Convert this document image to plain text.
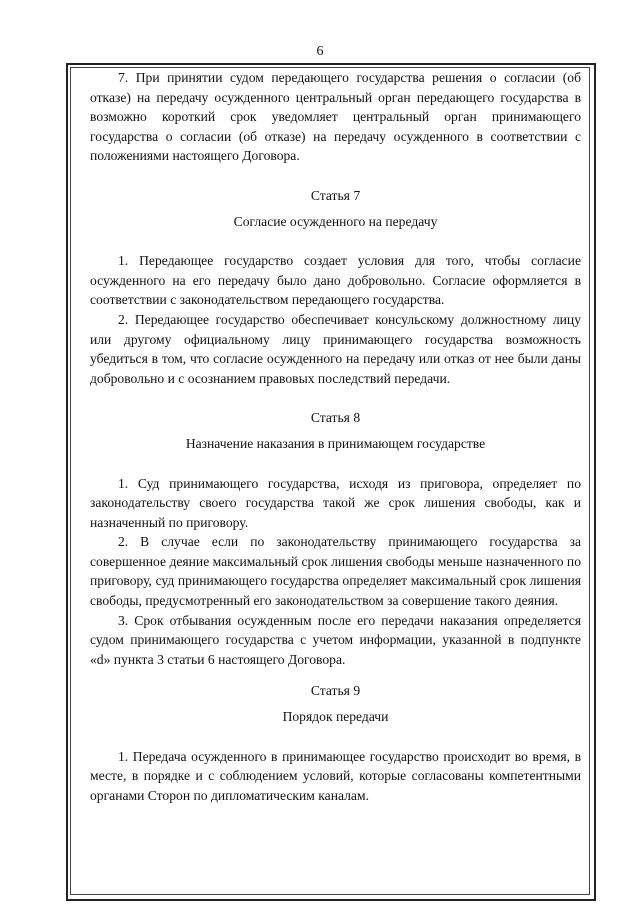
6

7. При принятии судом передающего государства решения о согласии (об отказе) на передачу осужденного центральный орган передающего государства в возможно короткий срок уведомляет центральный орган принимающего государства о согласии (об отказе) на передачу осужденного в соответствии с положениями настоящего Договора.

Статья 7

Согласие осужденного на передачу

1. Передающее государство создает условия для того, чтобы согласие осужденного на его передачу было дано добровольно. Согласие оформляется в соответствии с законодательством передающего государства.

2. Передающее государство обеспечивает консульскому должностному лицу или другому официальному лицу принимающего государства возможность убедиться в том, что согласие осужденного на передачу или отказ от нее были даны добровольно и с осознанием правовых последствий передачи.

Статья 8

Назначение наказания в принимающем государстве

1. Суд принимающего государства, исходя из приговора, определяет по законодательству своего государства такой же срок лишения свободы, как и назначенный по приговору.

2. В случае если по законодательству принимающего государства за совершенное деяние максимальный срок лишения свободы меньше назначенного по приговору, суд принимающего государства определяет максимальный срок лишения свободы, предусмотренный его законодательством за совершение такого деяния.

3. Срок отбывания осужденным после его передачи наказания определяется судом принимающего государства с учетом информации, указанной в подпункте «d» пункта 3 статьи 6 настоящего Договора.

Статья 9

Порядок передачи

1. Передача осужденного в принимающее государство происходит во время, в месте, в порядке и с соблюдением условий, которые согласованы компетентными органами Сторон по дипломатическим каналам.
